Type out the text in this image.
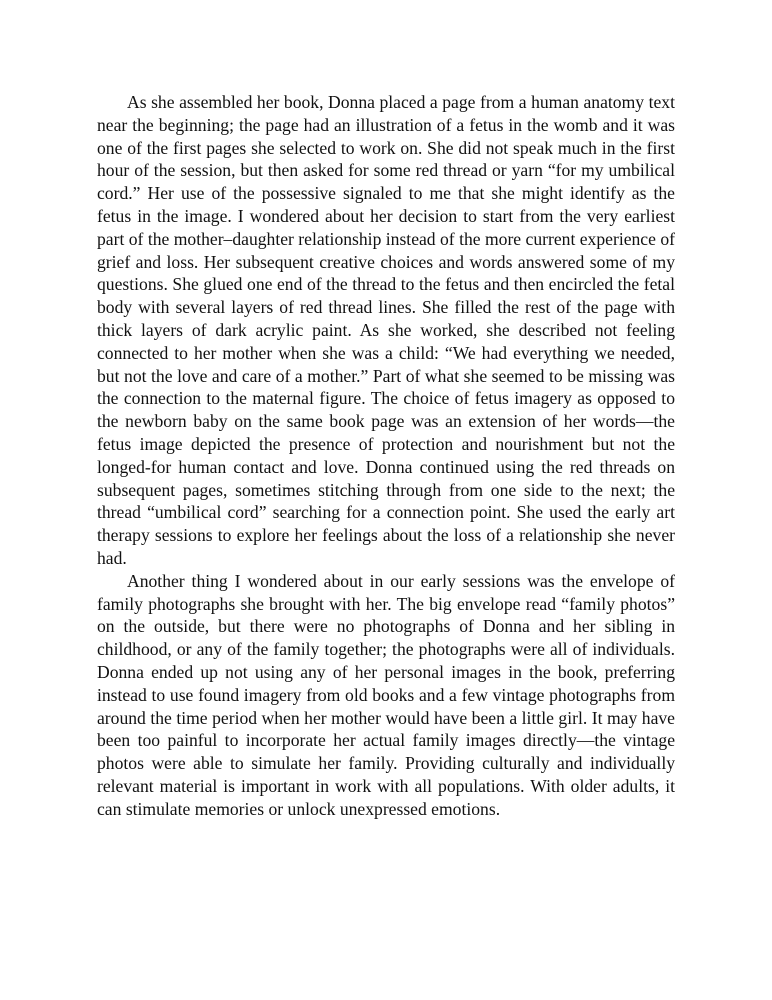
As she assembled her book, Donna placed a page from a human anatomy text near the beginning; the page had an illustration of a fetus in the womb and it was one of the first pages she selected to work on. She did not speak much in the first hour of the session, but then asked for some red thread or yarn “for my umbilical cord.” Her use of the possessive signaled to me that she might identify as the fetus in the image. I wondered about her decision to start from the very earliest part of the mother–daughter relationship instead of the more current experience of grief and loss. Her subsequent creative choices and words answered some of my questions. She glued one end of the thread to the fetus and then encircled the fetal body with several layers of red thread lines. She filled the rest of the page with thick layers of dark acrylic paint. As she worked, she described not feeling connected to her mother when she was a child: “We had everything we needed, but not the love and care of a mother.” Part of what she seemed to be missing was the connection to the maternal figure. The choice of fetus imagery as opposed to the newborn baby on the same book page was an extension of her words—the fetus image depicted the presence of protection and nourishment but not the longed-for human contact and love. Donna continued using the red threads on subsequent pages, sometimes stitching through from one side to the next; the thread “umbilical cord” searching for a connection point. She used the early art therapy sessions to explore her feelings about the loss of a relationship she never had.

Another thing I wondered about in our early sessions was the envelope of family photographs she brought with her. The big envelope read “family photos” on the outside, but there were no photographs of Donna and her sibling in childhood, or any of the family together; the photographs were all of individuals. Donna ended up not using any of her personal images in the book, preferring instead to use found imagery from old books and a few vintage photographs from around the time period when her mother would have been a little girl. It may have been too painful to incorporate her actual family images directly—the vintage photos were able to simulate her family. Providing culturally and individually relevant material is important in work with all populations. With older adults, it can stimulate memories or unlock unexpressed emotions.
